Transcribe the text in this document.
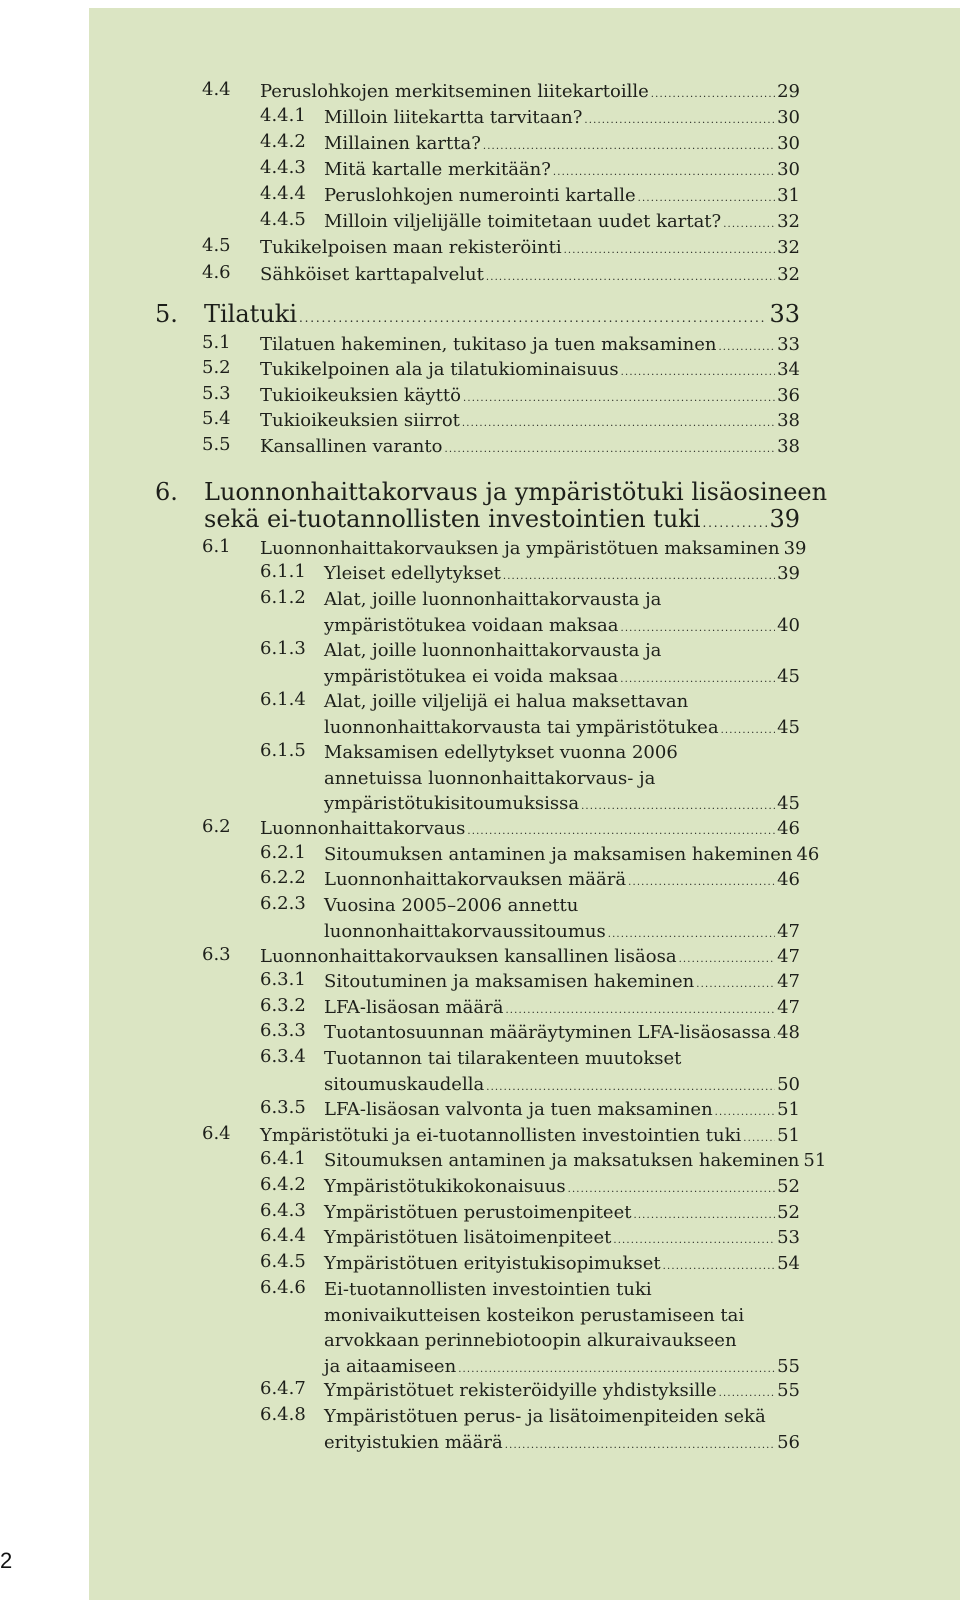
4.4 Peruslohkojen merkitseminen liitekartoille . . .	29
4.4.1 Milloin liitekartta tarvitaan? . . .	30
4.4.2 Millainen kartta? . . .	30
4.4.3 Mitä kartalle merkitään? . . .	30
4.4.4 Peruslohkojen numerointi kartalle . . .	31
4.4.5 Milloin viljelijälle toimitetaan uudet kartat? . . .	32
4.5 Tukikelpoisen maan rekisteröinti . . .	32
4.6 Sähköiset karttapalvelut . . .	32
5. Tilatuki . . .	33
5.1 Tilatuen hakeminen, tukitaso ja tuen maksaminen . . .	33
5.2 Tukikelpoinen ala ja tilatukiominaisuus . . .	34
5.3 Tukioikeuksien käyttö . . .	36
5.4 Tukioikeuksien siirrot . . .	38
5.5 Kansallinen varanto . . .	38
6. Luonnonhaittakorvaus ja ympäristötuki lisäosineen
sekä ei-tuotannollisten investointien tuki . . .	39
6.1 Luonnonhaittakorvauksen ja ympäristötuen maksaminen 39
6.1.1 Yleiset edellytykset . . .	39
6.1.2 Alat, joille luonnonhaittakorvausta ja
ympäristötukea voidaan maksaa . . .	40
6.1.3 Alat, joille luonnonhaittakorvausta ja
ympäristötukea ei voida maksaa . . .	45
6.1.4 Alat, joille viljelijä ei halua maksettavan
luonnonhaittakorvausta tai ympäristötukea . . .	45
6.1.5 Maksamisen edellytykset vuonna 2006
annetuissa luonnonhaittakorvaus- ja
ympäristötukisitoumuksissa . . .	45
6.2 Luonnonhaittakorvaus . . .	46
6.2.1 Sitoumuksen antaminen ja maksamisen hakeminen 46
6.2.2 Luonnonhaittakorvauksen määrä . . .	46
6.2.3 Vuosina 2005–2006 annettu
luonnonhaittakorvaussitoumus . . .	47
6.3 Luonnonhaittakorvauksen kansallinen lisäosa . . .	47
6.3.1 Sitoutuminen ja maksamisen hakeminen . . .	47
6.3.2 LFA-lisäosan määrä . . .	47
6.3.3 Tuotantosuunnan määräytyminen LFA-lisäosassa . . . 48
6.3.4 Tuotannon tai tilarakenteen muutokset
sitoumuskaudella . . .	50
6.3.5 LFA-lisäosan valvonta ja tuen maksaminen . . .	51
6.4 Ympäristötuki ja ei-tuotannollisten investointien tuki . . . 51
6.4.1 Sitoumuksen antaminen ja maksatuksen hakeminen 51
6.4.2 Ympäristötukikokonaisuus . . .	52
6.4.3 Ympäristötuen perustoimenpiteet . . .	52
6.4.4 Ympäristötuen lisätoimenpiteet . . .	53
6.4.5 Ympäristötuen erityistukisopimukset . . .	54
6.4.6 Ei-tuotannollisten investointien tuki
monivaikutteisen kosteikon perustamiseen tai
arvokkaan perinnebiotoopin alkuraivaukseen
ja aitaamiseen . . .	55
6.4.7 Ympäristötuet rekisteröidyille yhdistyksille . . .	55
6.4.8 Ympäristötuen perus- ja lisätoimenpiteiden sekä
erityistukien määrä . . .	56
2
